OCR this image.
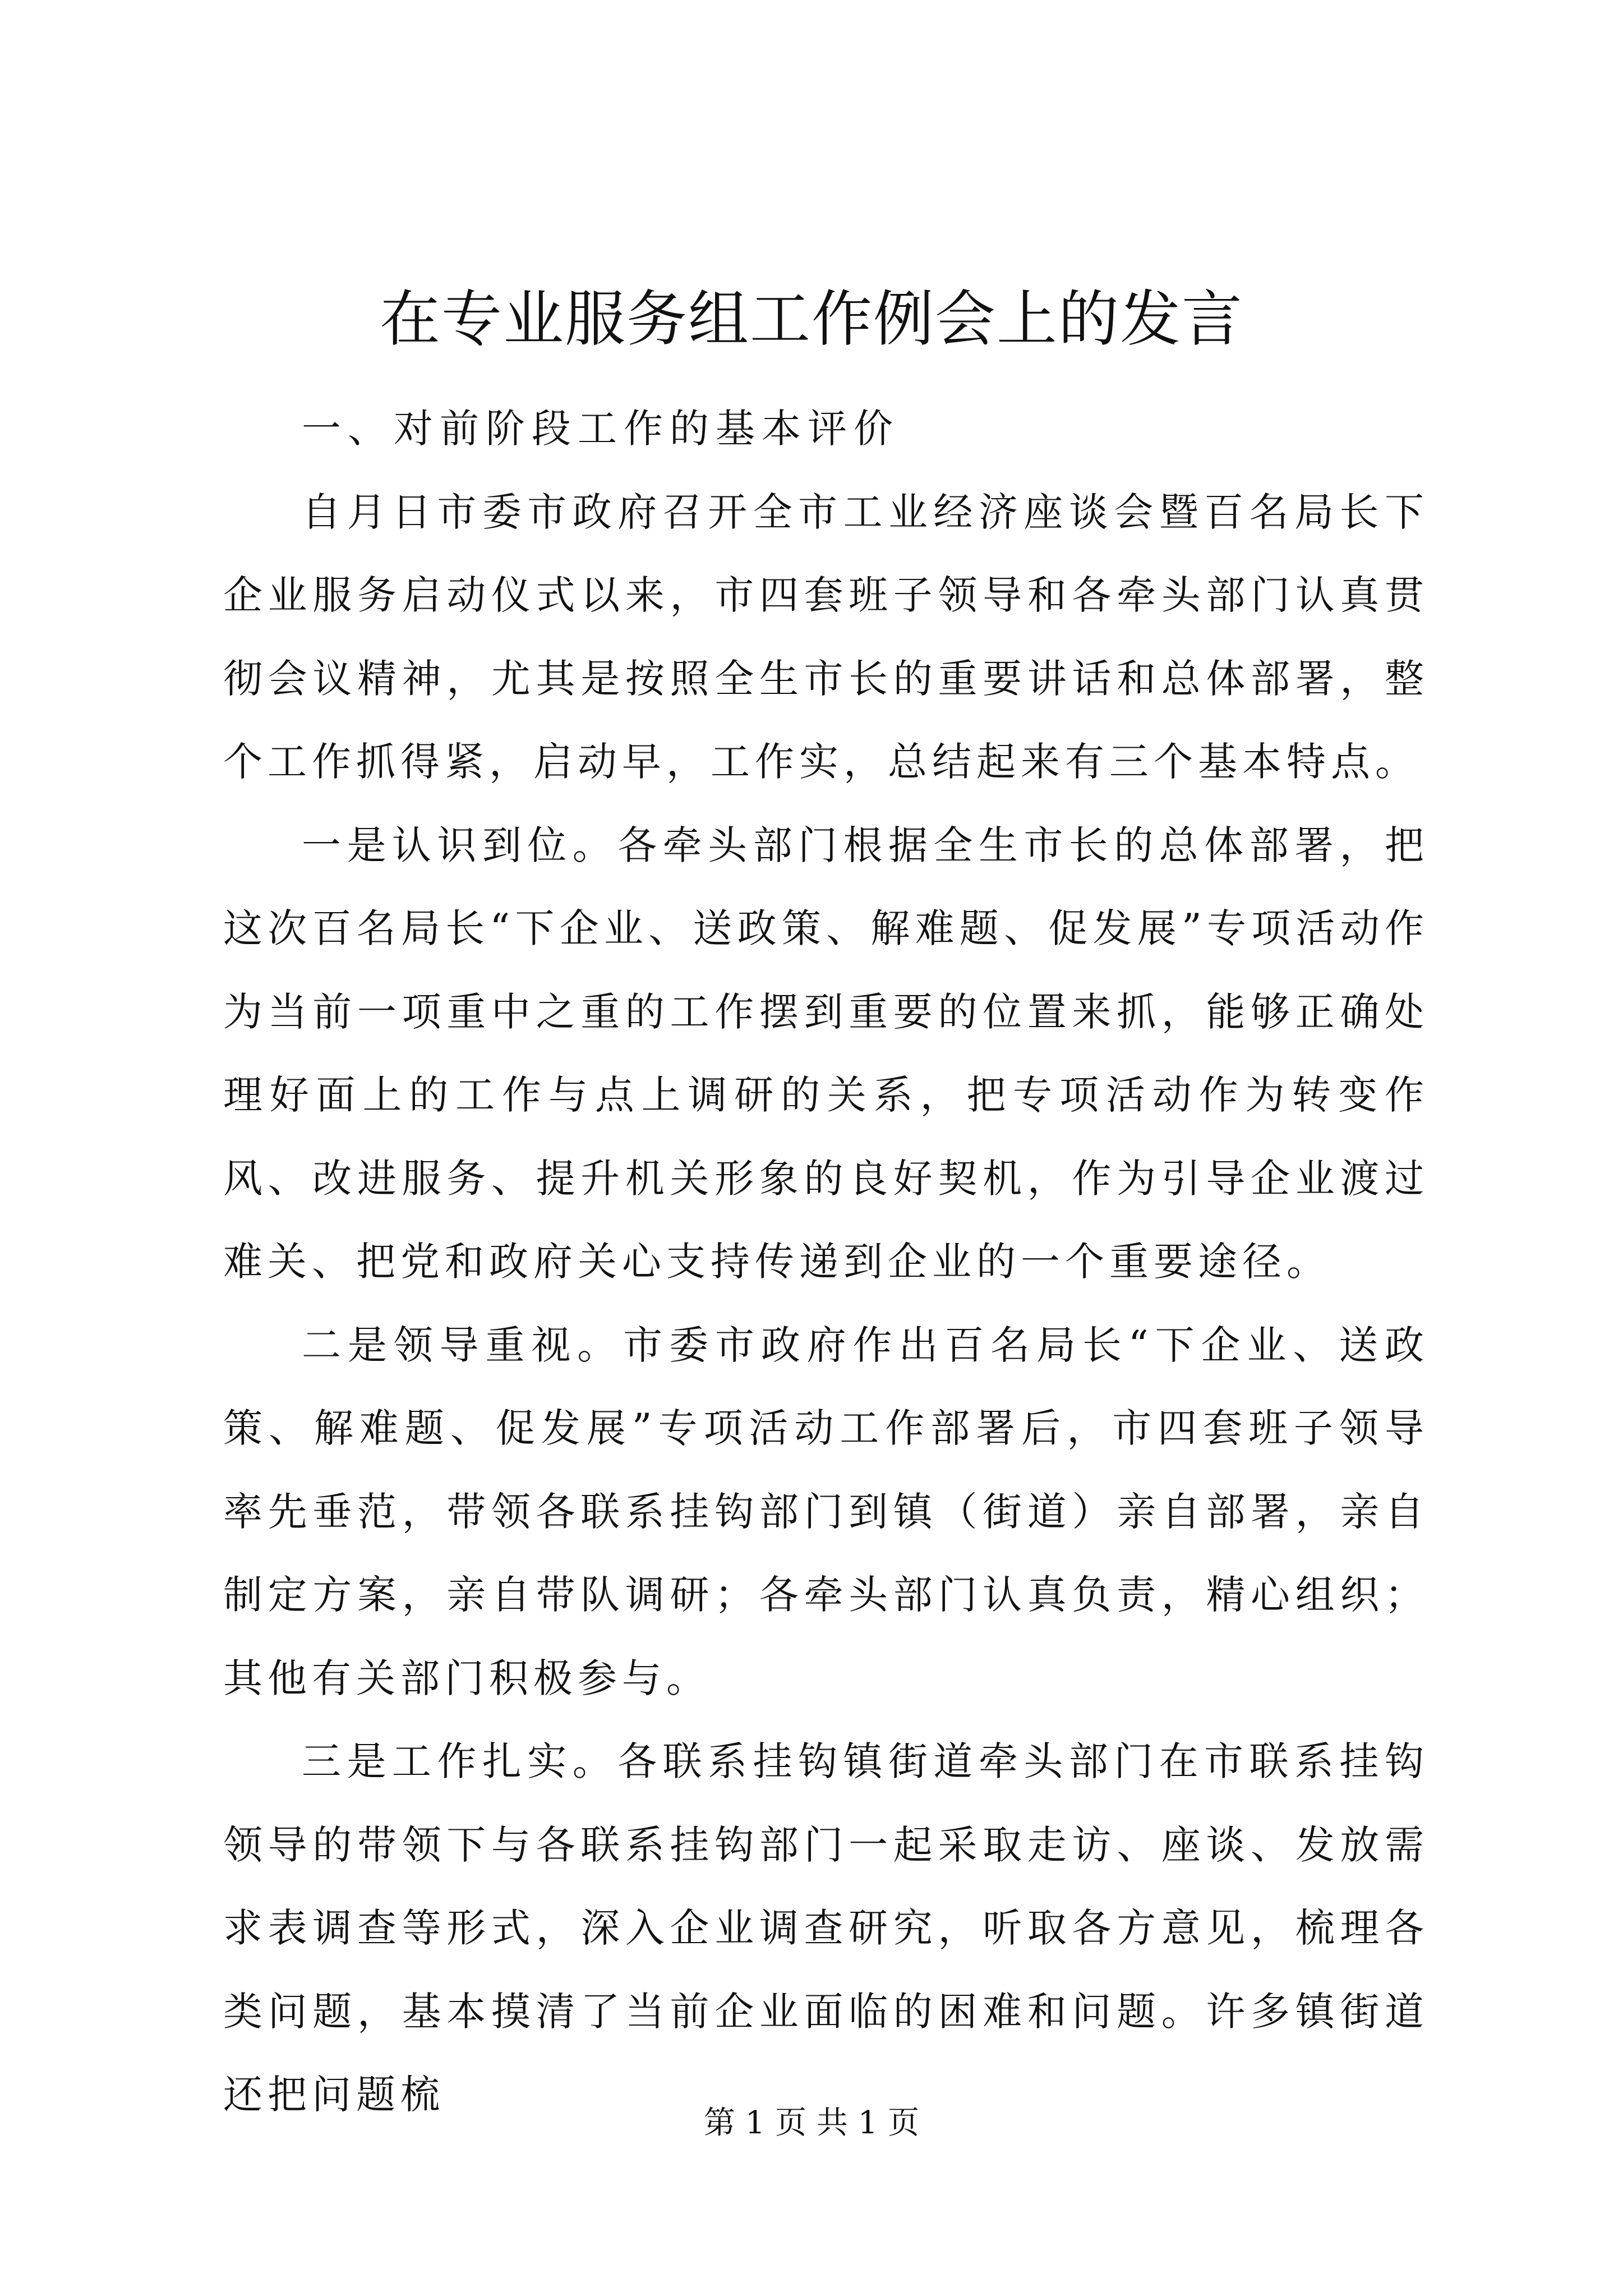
在专业服务组工作例会上的发言

一、对前阶段工作的基本评价

自月日市委市政府召开全市工业经济座谈会暨百名局长下企业服务启动仪式以来，市四套班子领导和各牵头部门认真贯彻会议精神，尤其是按照全生市长的重要讲话和总体部署，整个工作抓得紧，启动早，工作实，总结起来有三个基本特点。

一是认识到位。各牵头部门根据全生市长的总体部署，把这次百名局长“下企业、送政策、解难题、促发展”专项活动作为当前一项重中之重的工作摆到重要的位置来抓，能够正确处理好面上的工作与点上调研的关系，把专项活动作为转变作风、改进服务、提升机关形象的良好契机，作为引导企业渡过难关、把党和政府关心支持传递到企业的一个重要途径。

二是领导重视。市委市政府作出百名局长“下企业、送政策、解难题、促发展”专项活动工作部署后，市四套班子领导率先垂范，带领各联系挂钩部门到镇（街道）亲自部署，亲自制定方案，亲自带队调研；各牵头部门认真负责，精心组织；其他有关部门积极参与。

三是工作扎实。各联系挂钩镇街道牵头部门在市联系挂钩领导的带领下与各联系挂钩部门一起采取走访、座谈、发放需求表调查等形式，深入企业调查研究，听取各方意见，梳理各类问题，基本摸清了当前企业面临的困难和问题。许多镇街道还把问题梳

第 1 页 共 1 页
